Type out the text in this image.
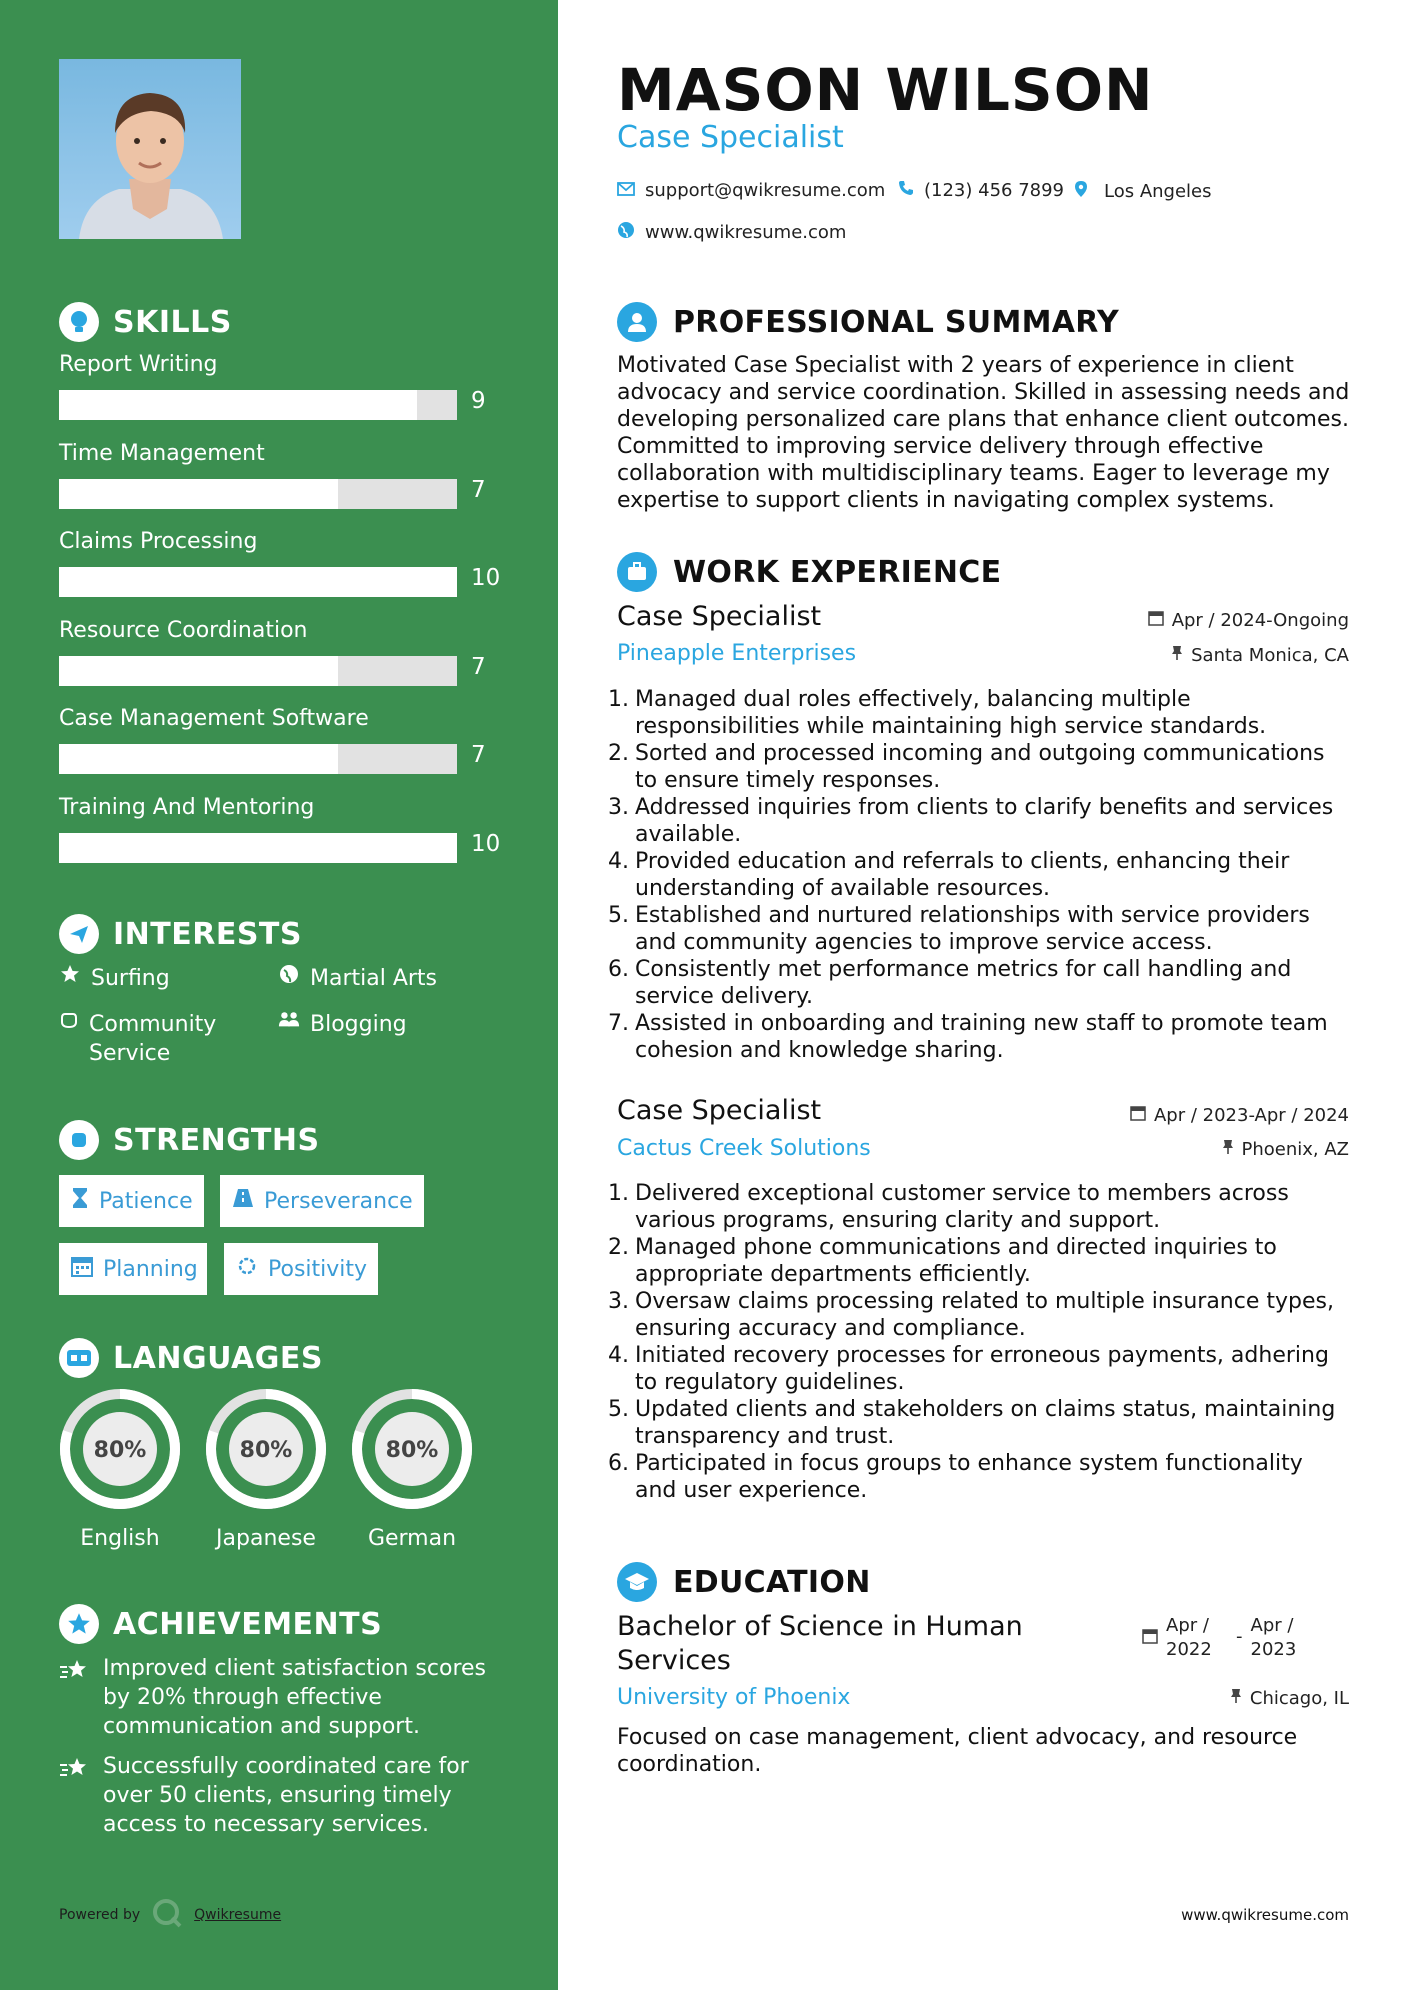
SKILLS
Report Writing
9
Time Management
7
Claims Processing
10
Resource Coordination
7
Case Management Software
7
Training And Mentoring
10
INTERESTS
Surfing	Martial Arts
Community Service
Blogging
STRENGTHS
Patience	Perseverance
Planning	Positivity
LANGUAGES
80%
English
80%
Japanese
80%
German
ACHIEVEMENTS
Improved client satisfaction scores by 20% through effective communication and support.
Successfully coordinated care for over 50 clients, ensuring timely access to necessary services.
Powered by	Qwikresume
MASON WILSON
Case Specialist
support@qwikresume.com (123) 456 7899 Los Angeles
www.qwikresume.com
PROFESSIONAL SUMMARY

Motivated Case Specialist with 2 years of experience in client advocacy and service coordination. Skilled in assessing needs and developing personalized care plans that enhance client outcomes. Committed to improving service delivery through effective collaboration with multidisciplinary teams. Eager to leverage my expertise to support clients in navigating complex systems.

WORK EXPERIENCE
Case Specialist
Pineapple Enterprises
Apr / 2024-Ongoing
Santa Monica, CA
1. Managed dual roles effectively, balancing multiple responsibilities while maintaining high service standards.
2. Sorted and processed incoming and outgoing communications to ensure timely responses.
3. Addressed inquiries from clients to clarify benefits and services available.
4. Provided education and referrals to clients, enhancing their understanding of available resources.
5. Established and nurtured relationships with service providers and community agencies to improve service access.
6. Consistently met performance metrics for call handling and service delivery.
7. Assisted in onboarding and training new staff to promote team cohesion and knowledge sharing.
Case Specialist
Cactus Creek Solutions
Apr / 2023-Apr / 2024
Phoenix, AZ
1. Delivered exceptional customer service to members across various programs, ensuring clarity and support.
2. Managed phone communications and directed inquiries to appropriate departments efficiently.
3. Oversaw claims processing related to multiple insurance types, ensuring accuracy and compliance.
4. Initiated recovery processes for erroneous payments, adhering to regulatory guidelines.
5. Updated clients and stakeholders on claims status, maintaining transparency and trust.
6. Participated in focus groups to enhance system functionality and user experience.
EDUCATION
Bachelor of Science in Human Services
University of Phoenix
Apr / 2022
-
Apr / 2023
Chicago, IL

Focused on case management, client advocacy, and resource coordination.

www.qwikresume.com
